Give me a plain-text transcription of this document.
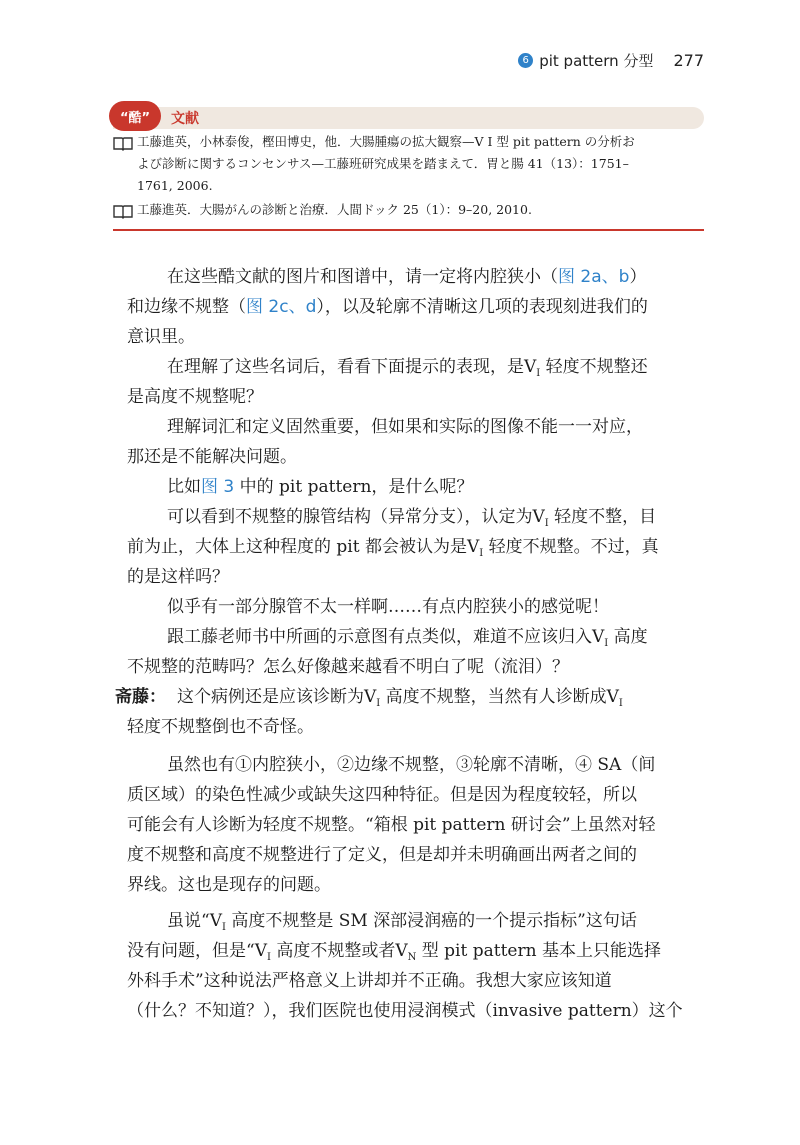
6 pit pattern 分型 277
“酷”	文献
工藤進英，小林泰俊，樫田博史，他．大腸腫瘍の拡大観察—V I 型 pit pattern の分析お
よび診断に関するコンセンサス—工藤班研究成果を踏まえて．胃と腸 41（13）：1751–
1761, 2006.
工藤進英．大腸がんの診断と治療．人間ドック 25（1）：9–20, 2010.
在这些酷文献的图片和图谱中，请一定将内腔狭小（图 2a、b）
和边缘不规整（图 2c、d），以及轮廓不清晰这几项的表现刻进我们的
意识里。
在理解了这些名词后，看看下面提示的表现，是$V_I$ 轻度不规整还
是高度不规整呢？
理解词汇和定义固然重要，但如果和实际的图像不能一一对应，
那还是不能解决问题。
比如图 3 中的 pit pattern，是什么呢？
可以看到不规整的腺管结构（异常分支），认定为$V_I$ 轻度不整，目
前为止，大体上这种程度的 pit 都会被认为是$V_I$ 轻度不规整。不过，真
的是这样吗？
似乎有一部分腺管不太一样啊……有点内腔狭小的感觉呢！
跟工藤老师书中所画的示意图有点类似，难道不应该归入$V_I$ 高度
不规整的范畴吗？怎么好像越来越看不明白了呢（流泪）？
斋藤： 这个病例还是应该诊断为$V_I$ 高度不规整，当然有人诊断成$V_I$
轻度不规整倒也不奇怪。
虽然也有①内腔狭小，②边缘不规整，③轮廓不清晰，④ SA（间
质区域）的染色性减少或缺失这四种特征。但是因为程度较轻，所以
可能会有人诊断为轻度不规整。“箱根 pit pattern 研讨会”上虽然对轻
度不规整和高度不规整进行了定义，但是却并未明确画出两者之间的
界线。这也是现存的问题。
虽说“$V_I$ 高度不规整是 SM 深部浸润癌的一个提示指标”这句话
没有问题，但是“$V_I$ 高度不规整或者$V_N$ 型 pit pattern 基本上只能选择
外科手术”这种说法严格意义上讲却并不正确。我想大家应该知道
（什么？不知道？），我们医院也使用浸润模式（invasive pattern）这个
